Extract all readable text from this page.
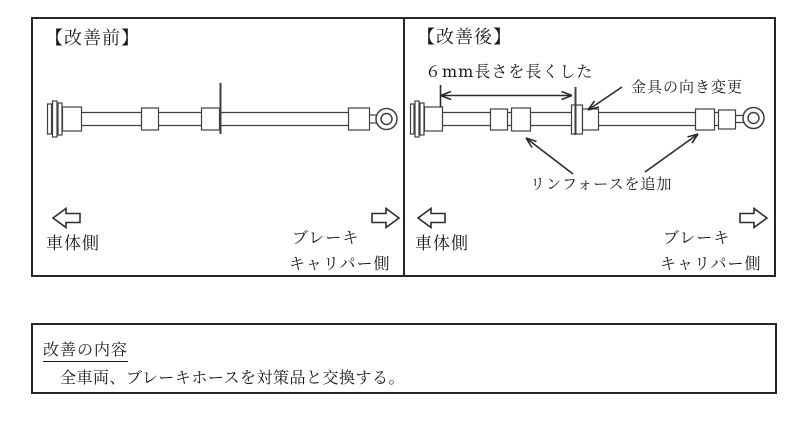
【改善前】
車体側	ブレーキ
キャリパー側
【改善後】
６mm長さを長くした
金具の向き変更
リンフォースを追加
車体側	ブレーキ
キャリパー側
改善の内容
全車両、ブレーキホースを対策品と交換する。
